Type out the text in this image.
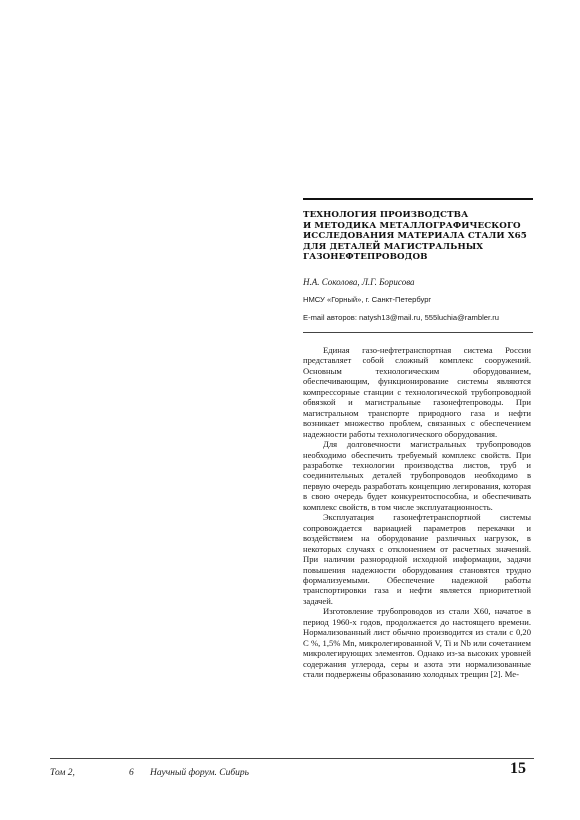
ТЕХНОЛОГИЯ ПРОИЗВОДСТВА
И МЕТОДИКА МЕТАЛЛОГРАФИЧЕСКОГО
ИССЛЕДОВАНИЯ МАТЕРИАЛА СТАЛИ Х65
ДЛЯ ДЕТАЛЕЙ МАГИСТРАЛЬНЫХ
ГАЗОНЕФТЕПРОВОДОВ
Н.А. Соколова, Л.Г. Борисова
НМСУ «Горный», г. Санкт-Петербург
E-mail авторов: natysh13@mail.ru, 555luchia@rambler.ru

Единая газо-нефтетранспортная система России представляет собой сложный комплекс сооружений. Основным технологическим оборудованием, обеспечивающим, функционирование системы являются компрессорные станции с технологической трубопроводной обвязкой и магистральные газонефтепроводы. При магистральном транспорте природного газа и нефти возникает множество проблем, связанных с обеспечением надежности работы технологического оборудования.

Для долговечности магистральных трубопроводов необходимо обеспечить требуемый комплекс свойств. При разработке технологии производства листов, труб и соединительных деталей трубопроводов необходимо в первую очередь разработать концепцию легирования, которая в свою очередь будет конкурентоспособна, и обеспечивать комплекс свойств, в том числе эксплуатационность.

Эксплуатация газонефтетранспортной системы сопровождается вариацией параметров перекачки и воздействием на оборудование различных нагрузок, в некоторых случаях с отклонением от расчетных значений. При наличии разнородной исходной информации, задачи повышения надежности оборудования становятся трудно формализуемыми. Обеспечение надежной работы транспортировки газа и нефти является приоритетной задачей.

Изготовление трубопроводов из стали Х60, начатое в период 1960-х годов, продолжается до настоящего времени. Нормализованный лист обычно производится из стали с 0,20 С %, 1,5% Mn, микролегированной V, Ti и Nb или сочетанием микролегирующих элементов. Однако из-за высоких уровней содержания углерода, серы и азота эти нормализованные стали подвержены образованию холодных трещин [2]. Ме-

Том 2,	6 Научный форум. Сибирь	15
